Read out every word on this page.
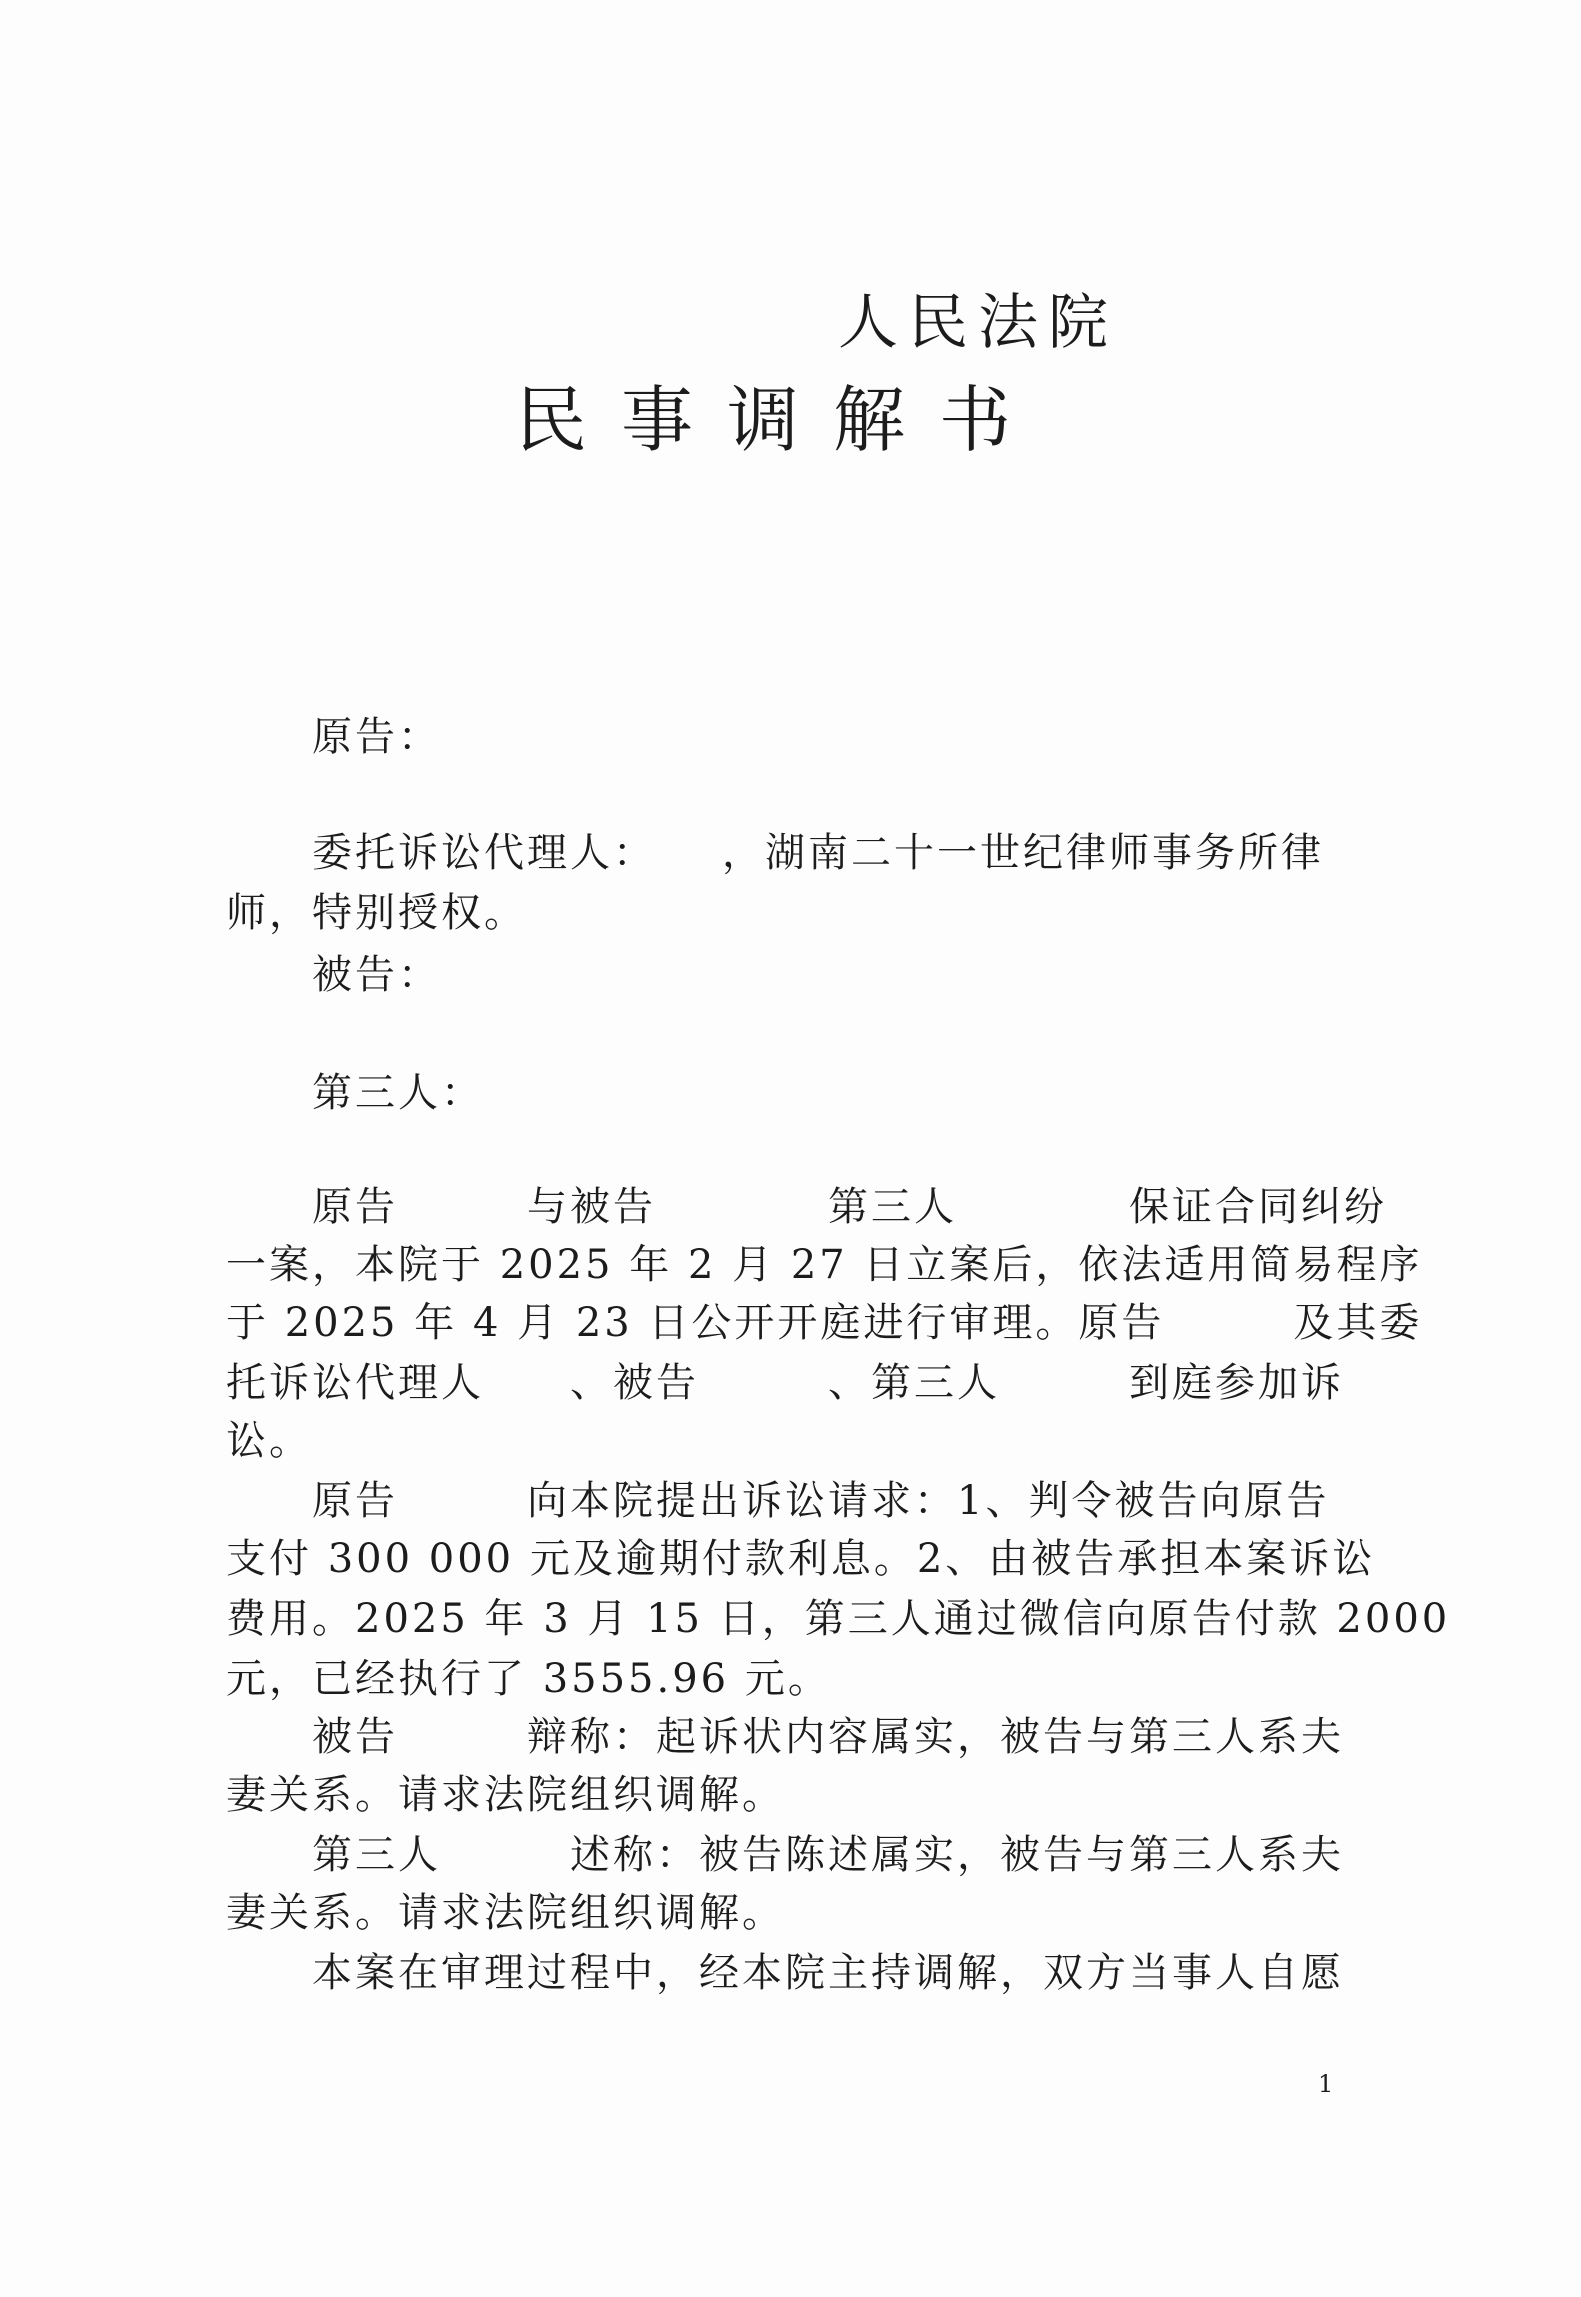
人民法院
民事调解书
原告：
委托诉讼代理人：　　，湖南二十一世纪律师事务所律
师，特别授权。
被告：
第三人：
原告　　　与被告　　　　第三人　　　　保证合同纠纷
一案，本院于 2025 年 2 月 27 日立案后，依法适用简易程序
于 2025 年 4 月 23 日公开开庭进行审理。原告　　　及其委
托诉讼代理人　　、被告　　　、第三人　　　到庭参加诉
讼。
原告　　　向本院提出诉讼请求：1、判令被告向原告
支付 300 000 元及逾期付款利息。2、由被告承担本案诉讼
费用。2025 年 3 月 15 日，第三人通过微信向原告付款 2000
元，已经执行了 3555.96 元。
被告　　　辩称：起诉状内容属实，被告与第三人系夫
妻关系。请求法院组织调解。
第三人　　　述称：被告陈述属实，被告与第三人系夫
妻关系。请求法院组织调解。
本案在审理过程中，经本院主持调解，双方当事人自愿
1
